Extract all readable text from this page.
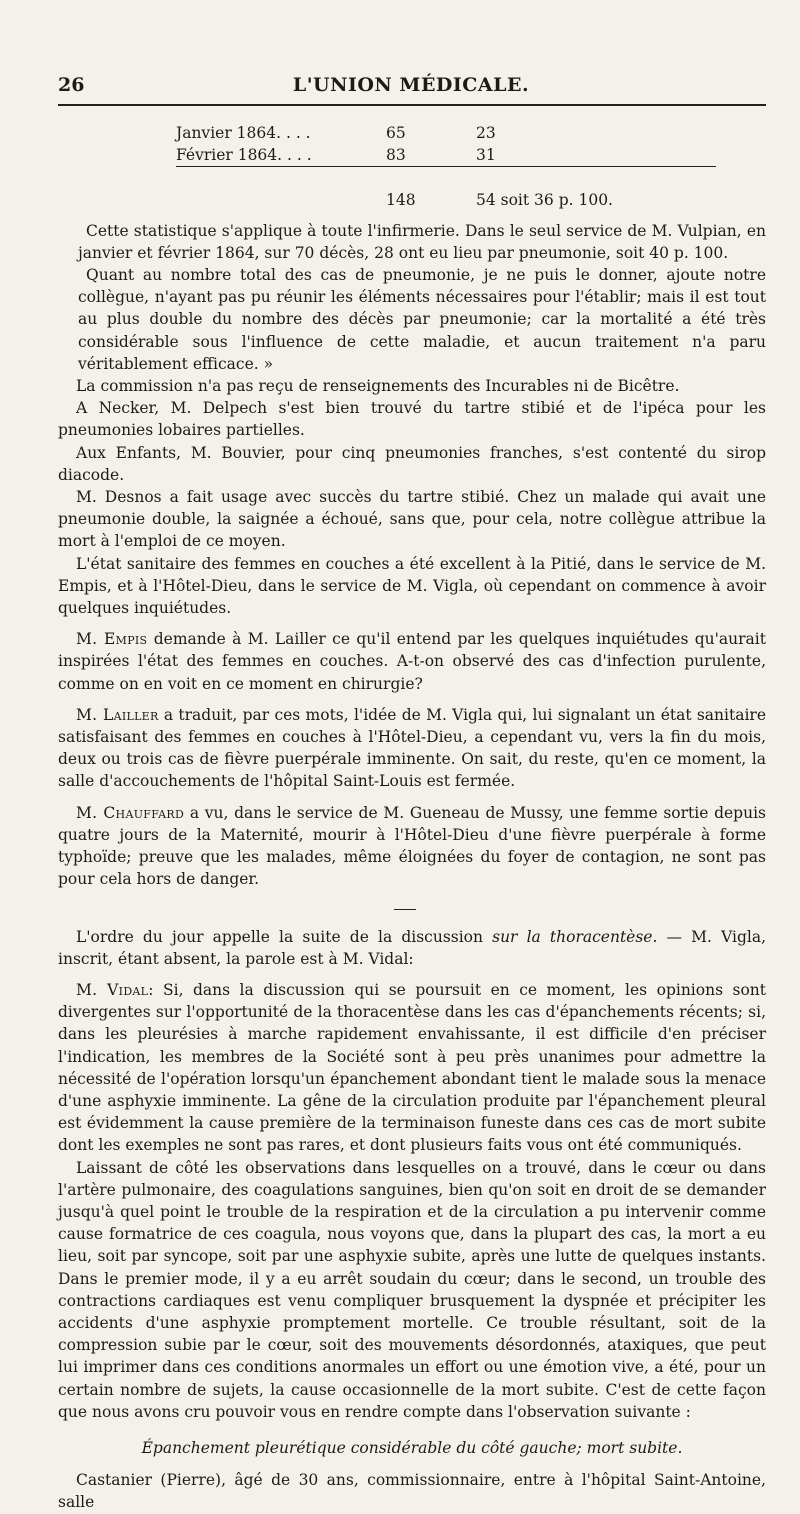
26	L'UNION MÉDICALE.
Janvier 1864. . . .	65	23
Février 1864. . . .	83	31

	148	54 soit 36 p. 100.

Cette statistique s'applique à toute l'infirmerie. Dans le seul service de M. Vulpian, en janvier et février 1864, sur 70 décès, 28 ont eu lieu par pneumonie, soit 40 p. 100.

Quant au nombre total des cas de pneumonie, je ne puis le donner, ajoute notre collègue, n'ayant pas pu réunir les éléments nécessaires pour l'établir; mais il est tout au plus double du nombre des décès par pneumonie; car la mortalité a été très considérable sous l'influence de cette maladie, et aucun traitement n'a paru véritablement efficace. »

La commission n'a pas reçu de renseignements des Incurables ni de Bicêtre.

A Necker, M. Delpech s'est bien trouvé du tartre stibié et de l'ipéca pour les pneumonies lobaires partielles.

Aux Enfants, M. Bouvier, pour cinq pneumonies franches, s'est contenté du sirop diacode.

M. Desnos a fait usage avec succès du tartre stibié. Chez un malade qui avait une pneumonie double, la saignée a échoué, sans que, pour cela, notre collègue attribue la mort à l'emploi de ce moyen.

L'état sanitaire des femmes en couches a été excellent à la Pitié, dans le service de M. Empis, et à l'Hôtel-Dieu, dans le service de M. Vigla, où cependant on commence à avoir quelques inquiétudes.

M. Empis demande à M. Lailler ce qu'il entend par les quelques inquiétudes qu'aurait inspirées l'état des femmes en couches. A-t-on observé des cas d'infection purulente, comme on en voit en ce moment en chirurgie?

M. Lailler a traduit, par ces mots, l'idée de M. Vigla qui, lui signalant un état sanitaire satisfaisant des femmes en couches à l'Hôtel-Dieu, a cependant vu, vers la fin du mois, deux ou trois cas de fièvre puerpérale imminente. On sait, du reste, qu'en ce moment, la salle d'accouchements de l'hôpital Saint-Louis est fermée.

M. Chauffard a vu, dans le service de M. Gueneau de Mussy, une femme sortie depuis quatre jours de la Maternité, mourir à l'Hôtel-Dieu d'une fièvre puerpérale à forme typhoïde; preuve que les malades, même éloignées du foyer de contagion, ne sont pas pour cela hors de danger.

L'ordre du jour appelle la suite de la discussion sur la thoracentèse. — M. Vigla, inscrit, étant absent, la parole est à M. Vidal:

M. Vidal: Si, dans la discussion qui se poursuit en ce moment, les opinions sont divergentes sur l'opportunité de la thoracentèse dans les cas d'épanchements récents; si, dans les pleurésies à marche rapidement envahissante, il est difficile d'en préciser l'indication, les membres de la Société sont à peu près unanimes pour admettre la nécessité de l'opération lorsqu'un épanchement abondant tient le malade sous la menace d'une asphyxie imminente. La gêne de la circulation produite par l'épanchement pleural est évidemment la cause première de la terminaison funeste dans ces cas de mort subite dont les exemples ne sont pas rares, et dont plusieurs faits vous ont été communiqués.

Laissant de côté les observations dans lesquelles on a trouvé, dans le cœur ou dans l'artère pulmonaire, des coagulations sanguines, bien qu'on soit en droit de se demander jusqu'à quel point le trouble de la respiration et de la circulation a pu intervenir comme cause formatrice de ces coagula, nous voyons que, dans la plupart des cas, la mort a eu lieu, soit par syncope, soit par une asphyxie subite, après une lutte de quelques instants. Dans le premier mode, il y a eu arrêt soudain du cœur; dans le second, un trouble des contractions cardiaques est venu compliquer brusquement la dyspnée et précipiter les accidents d'une asphyxie promptement mortelle. Ce trouble résultant, soit de la compression subie par le cœur, soit des mouvements désordonnés, ataxiques, que peut lui imprimer dans ces conditions anormales un effort ou une émotion vive, a été, pour un certain nombre de sujets, la cause occasionnelle de la mort subite. C'est de cette façon que nous avons cru pouvoir vous en rendre compte dans l'observation suivante :

Épanchement pleurétique considérable du côté gauche; mort subite.

Castanier (Pierre), âgé de 30 ans, commissionnaire, entre à l'hôpital Saint-Antoine, salle
